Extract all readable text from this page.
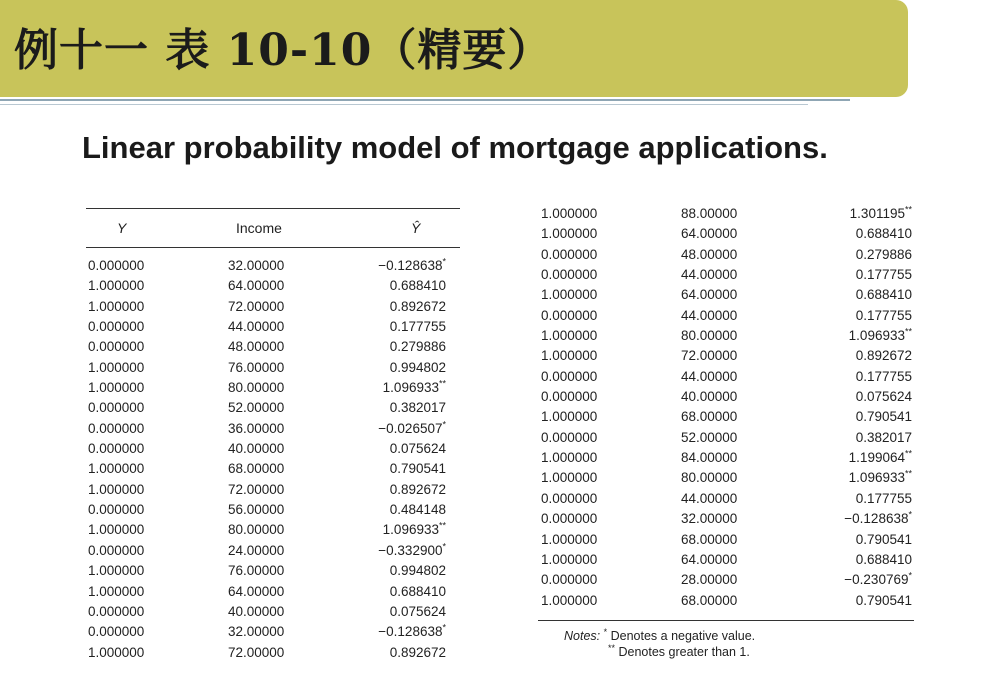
例十一 表 10-10（精要）
Linear probability model of mortgage applications.
Y	Income	Ŷ
0.000000	32.00000	−0.128638*
1.000000	64.00000	0.688410
1.000000	72.00000	0.892672
0.000000	44.00000	0.177755
0.000000	48.00000	0.279886
1.000000	76.00000	0.994802
1.000000	80.00000	1.096933**
0.000000	52.00000	0.382017
0.000000	36.00000	−0.026507*
0.000000	40.00000	0.075624
1.000000	68.00000	0.790541
1.000000	72.00000	0.892672
0.000000	56.00000	0.484148
1.000000	80.00000	1.096933**
0.000000	24.00000	−0.332900*
1.000000	76.00000	0.994802
1.000000	64.00000	0.688410
0.000000	40.00000	0.075624
0.000000	32.00000	−0.128638*
1.000000	72.00000	0.892672
1.000000	88.00000	1.301195**
1.000000	64.00000	0.688410
0.000000	48.00000	0.279886
0.000000	44.00000	0.177755
1.000000	64.00000	0.688410
0.000000	44.00000	0.177755
1.000000	80.00000	1.096933**
1.000000	72.00000	0.892672
0.000000	44.00000	0.177755
0.000000	40.00000	0.075624
1.000000	68.00000	0.790541
0.000000	52.00000	0.382017
1.000000	84.00000	1.199064**
1.000000	80.00000	1.096933**
0.000000	44.00000	0.177755
0.000000	32.00000	−0.128638*
1.000000	68.00000	0.790541
1.000000	64.00000	0.688410
0.000000	28.00000	−0.230769*
1.000000	68.00000	0.790541
Notes: * Denotes a negative value.
** Denotes greater than 1.
